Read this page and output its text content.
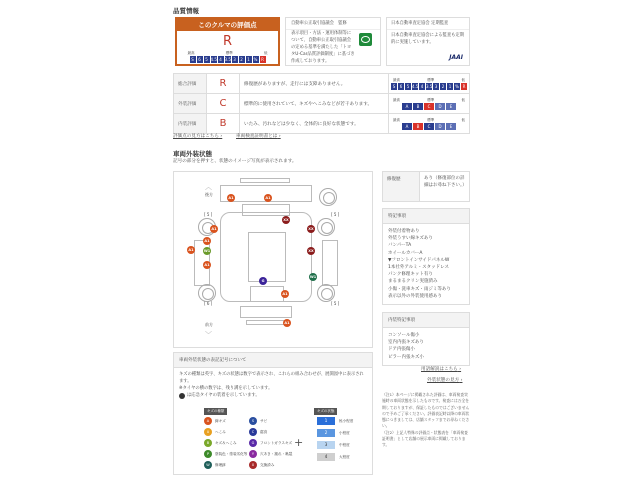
品質情報
このクルマの評価点
R
最高	標準	低
S	6	5 4.5 4 3.5 3	2	1 % R
自動車公正取引協議会　監修
表示項目・方法・運用体制等について、自動車公正取引協議会の定める基準を満たした「トヨタU-Car品質評価制度」に基づき作成しております。
日本自動車査定協会 定期監査
日本自動車査定協会による監査も定期的に実施しています。
JAAI
総合評価	R	修復歴がありますが、走行には支障ありません。	
最高	標準	低
S	6	5 4.5 4 3.5 3	2	1 % R

外装評価	C	標準的に使用されていて、キズやへこみなどが若干あります。	
最高	標準	低
A	B	C	D	E

内装評価	B	いたみ、汚れなどは少なく、全体的に良好な状態です。	
最高	標準	低
A	B	C	D	E
評価点の見方はこちら ›	車両検査証明書とは ›
車両外装状態
記号の部分を押すと、状態のイメージ写真が表示されます。
︿
後方
前方
﹀
[ 5 ]	[ 5 ]
[ 6 ]	[ 5 ]
A1	A1
XX
A1	XX
A1
A1	W1	XX
A1
W1
G
A1
A1
修復歴	あり（修復部位の詳細はお尋ね下さい。）
特記事項
外装付着物あり
外装うすい線キズあり
バンパーTA
ホイールカバーA
▼フロントインサイドパネルW
1本社外アルミ・スタッドレス
パンク修理キット有り
まるまるクリン実施済み
小傷・洗車キズ・雨ジミ等あり
表示以外の外装使用感あり
内装特記事項
コンソール傷小
室内内張キズあり
ドア内張傷小
ピラー内張キズ小
用語解説はこちら ›
外装状態の見方 ›
（注1）本ページに掲載された評価は、車両検査実施時の車両状態を示したものです。検査には万全を期しておりますが、保証したものではございませんので予めご了承ください。評価表記時以降の車両状態につきましては、店舗スタッフまでお尋ねください。
（注2）上記人特殊の評価点・状態表を「車両検査証明書」として店舗の展示車両に掲載しております。
車両外装状態の表記記号について
キズの種類は英字、キズの状態は数字で表示され、これらの組み合わせが、展開図中に表示されます。
※タイヤの横の数字は、残り溝を示しています。
は応急タイヤの装着を示しています。
キズの種類	キズの状態
A	線キズ
U	へこみ
B	キズ＆へこみ
P	塗装色・塗装劣化等
W	修理跡
S	サビ
C	腐食
G	フロントガラスキズ
Y	穴あき・割れ・亀裂
X	交換済み
+
1	極小程度
2	小程度
3	中程度
4	大程度
